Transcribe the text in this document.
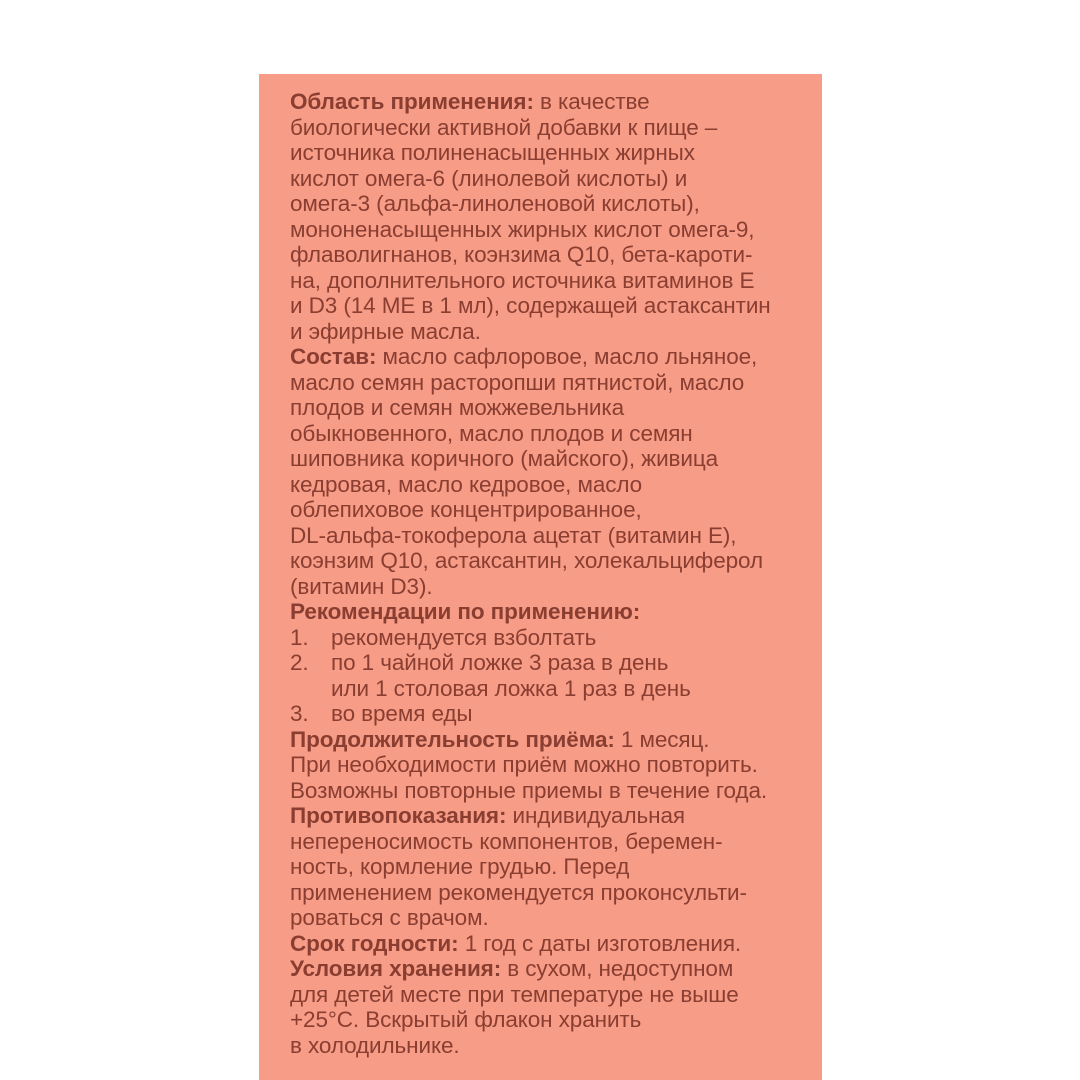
Область применения: в качестве
биологически активной добавки к пище –
источника полиненасыщенных жирных
кислот омега-6 (линолевой кислоты) и
омега-3 (альфа-линоленовой кислоты),
мононенасыщенных жирных кислот омега-9,
флаволигнанов, коэнзима Q10, бета-кароти-
на, дополнительного источника витаминов Е
и D3 (14 МЕ в 1 мл), содержащей астаксантин
и эфирные масла.
Состав: масло сафлоровое, масло льняное,
масло семян расторопши пятнистой, масло
плодов и семян можжевельника
обыкновенного, масло плодов и семян
шиповника коричного (майского), живица
кедровая, масло кедровое, масло
облепиховое концентрированное,
DL-альфа-токоферола ацетат (витамин Е),
коэнзим Q10, астаксантин, холекальциферол
(витамин D3).
Рекомендации по применению:
1. рекомендуется взболтать
2. по 1 чайной ложке 3 раза в день
или 1 столовая ложка 1 раз в день
3. во время еды
Продолжительность приёма: 1 месяц.
При необходимости приём можно повторить.
Возможны повторные приемы в течение года.
Противопоказания: индивидуальная
непереносимость компонентов, беремен-
ность, кормление грудью. Перед
применением рекомендуется проконсульти-
роваться с врачом.
Срок годности: 1 год с даты изготовления.
Условия хранения: в сухом, недоступном
для детей месте при температуре не выше
+25°С. Вскрытый флакон хранить
в холодильнике.
